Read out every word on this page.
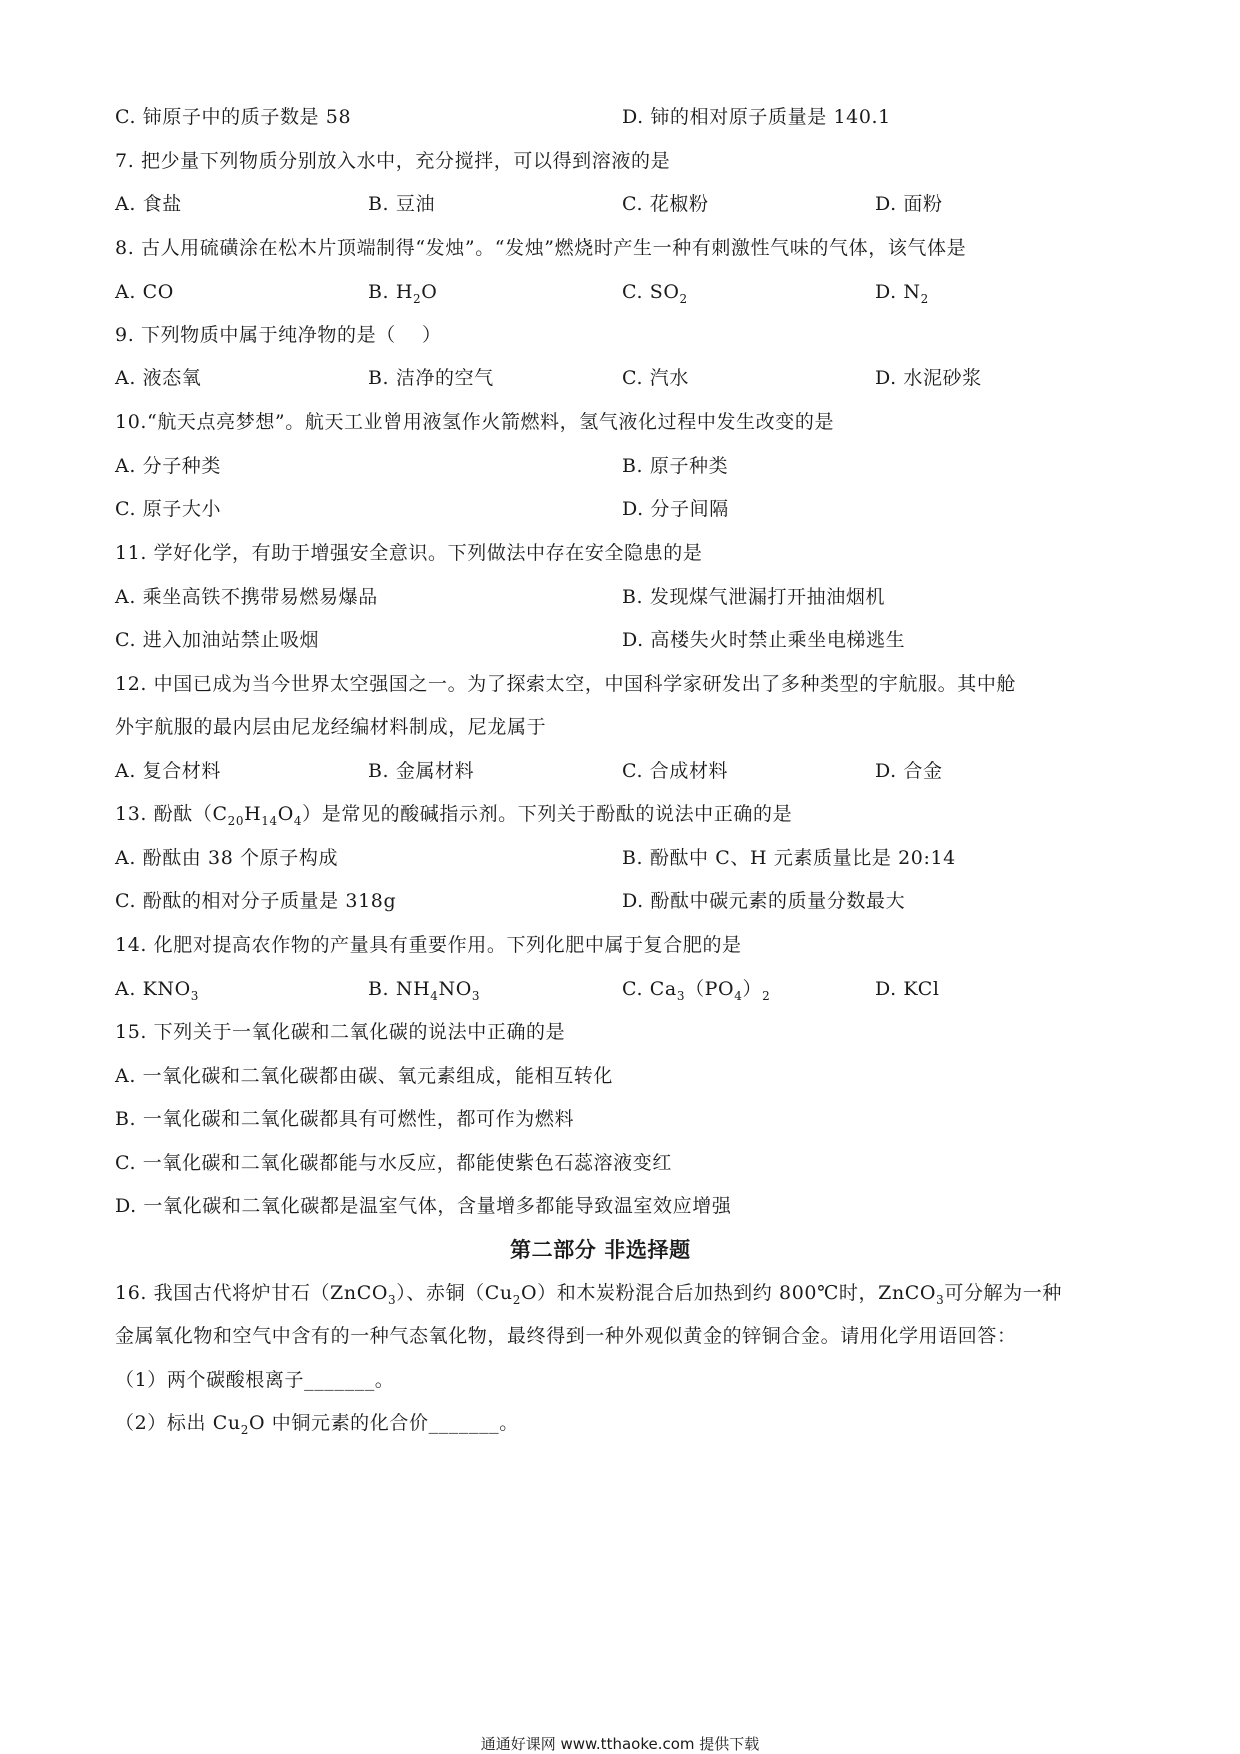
C. 铈原子中的质子数是 58	D. 铈的相对原子质量是 140.1
7. 把少量下列物质分别放入水中，充分搅拌，可以得到溶液的是
A. 食盐	B. 豆油	C. 花椒粉	D. 面粉
8. 古人用硫磺涂在松木片顶端制得“发烛”。“发烛”燃烧时产生一种有刺激性气味的气体，该气体是
A. CO	B. $H_2O$	C. $SO_2$	D. $N_2$
9. 下列物质中属于纯净物的是（　 ）
A. 液态氧	B. 洁净的空气	C. 汽水	D. 水泥砂浆
10.“航天点亮梦想”。航天工业曾用液氢作火箭燃料，氢气液化过程中发生改变的是
A. 分子种类	B. 原子种类
C. 原子大小	D. 分子间隔
11. 学好化学，有助于增强安全意识。下列做法中存在安全隐患的是
A. 乘坐高铁不携带易燃易爆品	B. 发现煤气泄漏打开抽油烟机
C. 进入加油站禁止吸烟	D. 高楼失火时禁止乘坐电梯逃生
12. 中国已成为当今世界太空强国之一。为了探索太空，中国科学家研发出了多种类型的宇航服。其中舱
外宇航服的最内层由尼龙经编材料制成，尼龙属于
A. 复合材料	B. 金属材料	C. 合成材料	D. 合金
13. 酚酞$(C_{20}H_{14}O_4)$是常见的酸碱指示剂。下列关于酚酞的说法中正确的是
A. 酚酞由 38 个原子构成	B. 酚酞中 C、H 元素质量比是 20:14
C. 酚酞的相对分子质量是 318g	D. 酚酞中碳元素的质量分数最大
14. 化肥对提高农作物的产量具有重要作用。下列化肥中属于复合肥的是
A. $KNO_3$	B. $NH_4NO_3$	C. $Ca_3(PO_4)_2$	D. KCl
15. 下列关于一氧化碳和二氧化碳的说法中正确的是
A. 一氧化碳和二氧化碳都由碳、氧元素组成，能相互转化
B. 一氧化碳和二氧化碳都具有可燃性，都可作为燃料
C. 一氧化碳和二氧化碳都能与水反应，都能使紫色石蕊溶液变红
D. 一氧化碳和二氧化碳都是温室气体，含量增多都能导致温室效应增强
第二部分 非选择题
16. 我国古代将炉甘石（ZnCO$_3$）、赤铜$(Cu_2O)$和木炭粉混合后加热到约 800℃时，ZnCO$_3$可分解为一种
金属氧化物和空气中含有的一种气态氧化物，最终得到一种外观似黄金的锌铜合金。请用化学用语回答：
（1）两个碳酸根离子_______。
（2）标出 $Cu_2O$ 中铜元素的化合价_______。
通通好课网 www.tthaoke.com 提供下载
